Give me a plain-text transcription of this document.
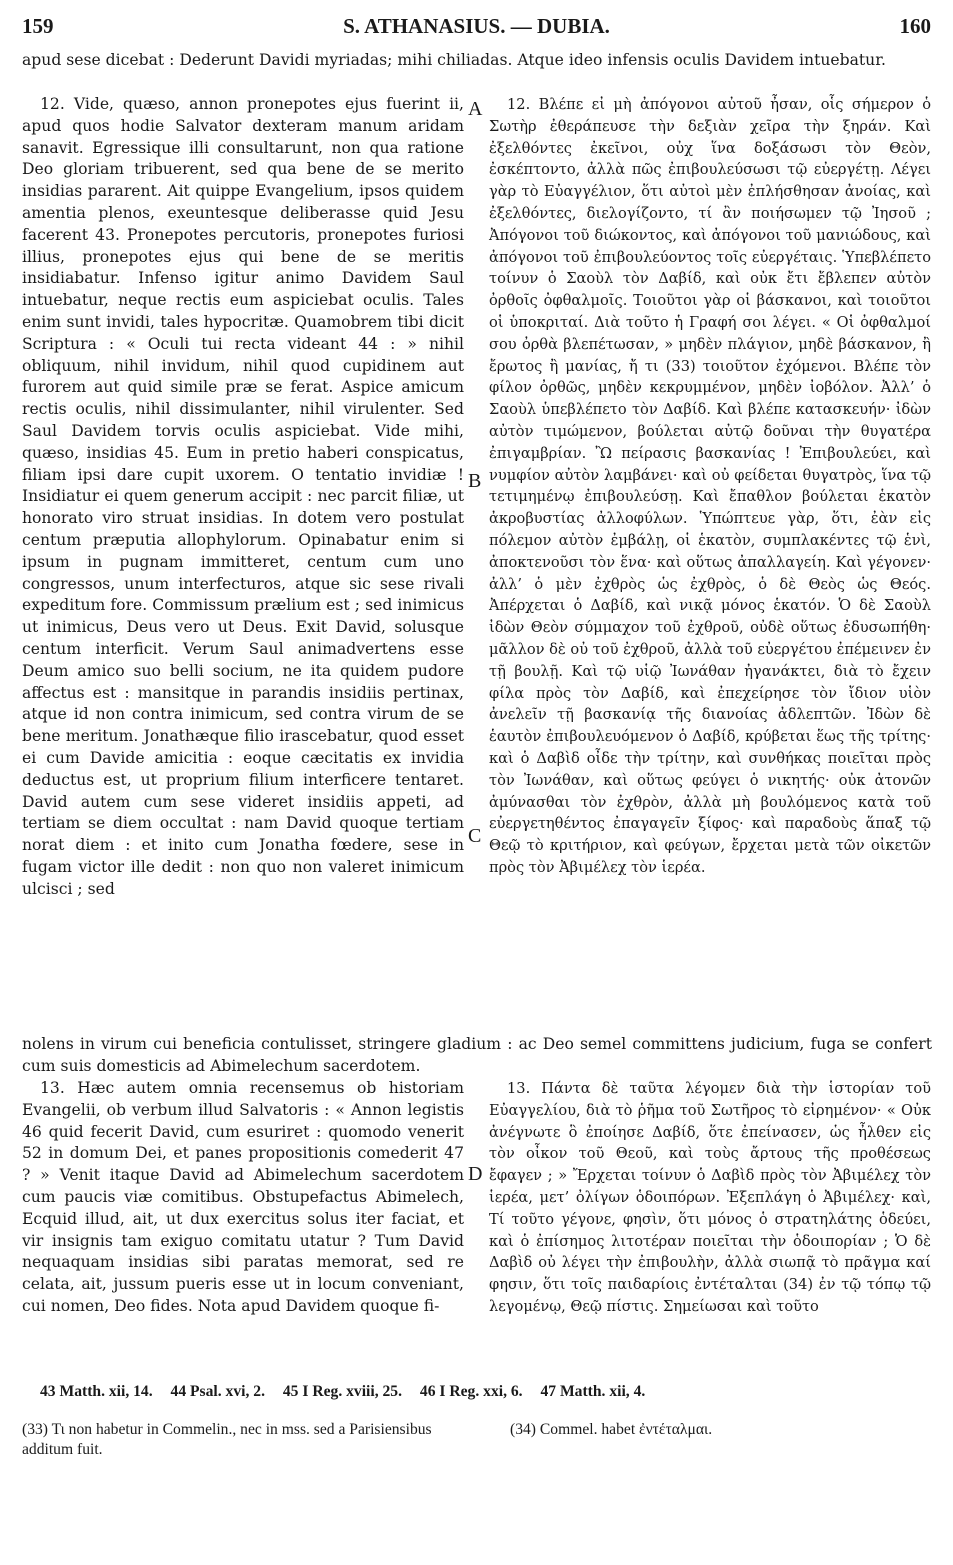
159	S. ATHANASIUS. — DUBIA.	160
apud sese dicebat : Dederunt Davidi myriadas; mihi chiliadas. Atque ideo infensis oculis Davidem intuebatur.
12. Vide, quæso, annon pronepotes ejus fuerint ii, apud quos hodie Salvator dexteram manum aridam sanavit. Egressique illi consultarunt, non qua ratione Deo gloriam tribuerent, sed qua bene de se merito insidias pararent. Ait quippe Evangelium, ipsos quidem amentia plenos, exeuntesque deliberasse quid Jesu facerent 43. Pronepotes percutoris, pronepotes furiosi illius, pronepotes ejus qui bene de se meritis insidiabatur. Infenso igitur animo Davidem Saul intuebatur, neque rectis eum aspiciebat oculis. Tales enim sunt invidi, tales hypocritæ. Quamobrem tibi dicit Scriptura : « Oculi tui recta videant 44 : » nihil obliquum, nihil invidum, nihil quod cupidinem aut furorem aut quid simile præ se ferat. Aspice amicum rectis oculis, nihil dissimulanter, nihil virulenter. Sed Saul Davidem torvis oculis aspiciebat. Vide mihi, quæso, insidias 45. Eum in pretio haberi conspicatus, filiam ipsi dare cupit uxorem. O tentatio invidiæ ! Insidiatur ei quem generum accipit : nec parcit filiæ, ut honorato viro struat insidias. In dotem vero postulat centum præputia allophylorum. Opinabatur enim si ipsum in pugnam immitteret, centum cum uno congressos, unum interfecturos, atque sic sese rivali expeditum fore. Commissum prælium est ; sed inimicus ut inimicus, Deus vero ut Deus. Exit David, solusque centum interficit. Verum Saul animadvertens esse Deum amico suo belli socium, ne ita quidem pudore affectus est : mansitque in parandis insidiis pertinax, atque id non contra inimicum, sed contra virum de se bene meritum. Jonathæque filio irascebatur, quod esset ei cum Davide amicitia : eoque cæcitatis ex invidia deductus est, ut proprium filium interficere tentaret. David autem cum sese videret insidiis appeti, ad tertiam se diem occultat : nam David quoque tertiam norat diem : et inito cum Jonatha fœdere, sese in fugam victor ille dedit : non quo non valeret inimicum ulcisci ; sed
12. Βλέπε εἰ μὴ ἀπόγονοι αὐτοῦ ἦσαν, οἷς σήμερον ὁ Σωτὴρ ἐθεράπευσε τὴν δεξιὰν χεῖρα τὴν ξηράν. Καὶ ἐξελθόντες ἐκεῖνοι, οὐχ ἵνα δοξάσωσι τὸν Θεὸν, ἐσκέπτοντο, ἀλλὰ πῶς ἐπιβουλεύσωσι τῷ εὐεργέτῃ. Λέγει γὰρ τὸ Εὐαγγέλιον, ὅτι αὐτοὶ μὲν ἐπλήσθησαν ἀνοίας, καὶ ἐξελθόντες, διελογίζοντο, τί ἂν ποιήσωμεν τῷ Ἰησοῦ ; Ἀπόγονοι τοῦ διώκοντος, καὶ ἀπόγονοι τοῦ μανιώδους, καὶ ἀπόγονοι τοῦ ἐπιβουλεύοντος τοῖς εὐεργέταις. Ὑπεβλέπετο τοίνυν ὁ Σαοὺλ τὸν Δαβίδ, καὶ οὐκ ἔτι ἔβλεπεν αὐτὸν ὀρθοῖς ὀφθαλμοῖς. Τοιοῦτοι γὰρ οἱ βάσκανοι, καὶ τοιοῦτοι οἱ ὑποκριταί. Διὰ τοῦτο ἡ Γραφή σοι λέγει. « Οἱ ὀφθαλμοί σου ὀρθὰ βλεπέτωσαν, » μηδὲν πλάγιον, μηδὲ βάσκανον, ἢ ἔρωτος ἢ μανίας, ἤ τι (33) τοιοῦτον ἐχόμενοι. Βλέπε τὸν φίλον ὀρθῶς, μηδὲν κεκρυμμένον, μηδὲν ἰοβόλον. Ἀλλ’ ὁ Σαοὺλ ὑπεβλέπετο τὸν Δαβίδ. Καὶ βλέπε κατασκευήν· ἰδὼν αὐτὸν τιμώμενον, βούλεται αὐτῷ δοῦναι τὴν θυγατέρα ἐπιγαμβρίαν. Ὢ πείρασις βασκανίας ! Ἐπιβουλεύει, καὶ νυμφίον αὐτὸν λαμβάνει· καὶ οὐ φείδεται θυγατρὸς, ἵνα τῷ τετιμημένῳ ἐπιβουλεύσῃ. Καὶ ἔπαθλον βούλεται ἑκατὸν ἀκροβυστίας ἀλλοφύλων. Ὑπώπτευε γὰρ, ὅτι, ἐὰν εἰς πόλεμον αὐτὸν ἐμβάλῃ, οἱ ἑκατὸν, συμπλακέντες τῷ ἑνὶ, ἀποκτενοῦσι τὸν ἕνα· καὶ οὕτως ἀπαλλαγείη. Καὶ γέγονεν· ἀλλ’ ὁ μὲν ἐχθρὸς ὡς ἐχθρὸς, ὁ δὲ Θεὸς ὡς Θεός. Ἀπέρχεται ὁ Δαβίδ, καὶ νικᾷ μόνος ἑκατόν. Ὁ δὲ Σαοὺλ ἰδὼν Θεὸν σύμμαχον τοῦ ἐχθροῦ, οὐδὲ οὕτως ἐδυσωπήθη· μᾶλλον δὲ οὐ τοῦ ἐχθροῦ, ἀλλὰ τοῦ εὐεργέτου ἐπέμεινεν ἐν τῇ βουλῇ. Καὶ τῷ υἱῷ Ἰωνάθαν ἠγανάκτει, διὰ τὸ ἔχειν φίλα πρὸς τὸν Δαβίδ, καὶ ἐπεχείρησε τὸν ἴδιον υἱὸν ἀνελεῖν τῇ βασκανίᾳ τῆς διανοίας ἀδλεπτῶν. Ἰδὼν δὲ ἑαυτὸν ἐπιβουλευόμενον ὁ Δαβίδ, κρύβεται ἕως τῆς τρίτης· καὶ ὁ Δαβὶδ οἶδε τὴν τρίτην, καὶ συνθήκας ποιεῖται πρὸς τὸν Ἰωνάθαν, καὶ οὕτως φεύγει ὁ νικητής· οὐκ ἀτονῶν ἀμύνασθαι τὸν ἐχθρὸν, ἀλλὰ μὴ βουλόμενος κατὰ τοῦ εὐεργετηθέντος ἐπαγαγεῖν ξίφος· καὶ παραδοὺς ἅπαξ τῷ Θεῷ τὸ κριτήριον, καὶ φεύγων, ἔρχεται μετὰ τῶν οἰκετῶν πρὸς τὸν Ἀβιμέλεχ τὸν ἱερέα.
A
B
C
D
nolens in virum cui beneficia contulisset, stringere gladium : ac Deo semel committens judicium, fuga se confert cum suis domesticis ad Abimelechum sacerdotem.
13. Hæc autem omnia recensemus ob historiam Evangelii, ob verbum illud Salvatoris : « Annon legistis 46 quid fecerit David, cum esuriret : quomodo venerit 52 in domum Dei, et panes propositionis comederit 47 ? » Venit itaque David ad Abimelechum sacerdotem cum paucis viæ comitibus. Obstupefactus Abimelech, Ecquid illud, ait, ut dux exercitus solus iter faciat, et vir insignis tam exiguo comitatu utatur ? Tum David nequaquam insidias sibi paratas memorat, sed re celata, ait, jussum pueris esse ut in locum conveniant, cui nomen, Deo fides. Nota apud Davidem quoque fi-
13. Πάντα δὲ ταῦτα λέγομεν διὰ τὴν ἱστορίαν τοῦ Εὐαγγελίου, διὰ τὸ ῥῆμα τοῦ Σωτῆρος τὸ εἰρημένον· « Οὐκ ἀνέγνωτε ὃ ἐποίησε Δαβίδ, ὅτε ἐπείνασεν, ὡς ἦλθεν εἰς τὸν οἶκον τοῦ Θεοῦ, καὶ τοὺς ἄρτους τῆς προθέσεως ἔφαγεν ; » Ἔρχεται τοίνυν ὁ Δαβὶδ πρὸς τὸν Ἀβιμέλεχ τὸν ἱερέα, μετ’ ὀλίγων ὁδοιπόρων. Ἐξεπλάγη ὁ Ἀβιμέλεχ· καὶ, Τί τοῦτο γέγονε, φησὶν, ὅτι μόνος ὁ στρατηλάτης ὁδεύει, καὶ ὁ ἐπίσημος λιτοτέραν ποιεῖται τὴν ὁδοιπορίαν ; Ὁ δὲ Δαβὶδ οὐ λέγει τὴν ἐπιβουλὴν, ἀλλὰ σιωπᾷ τὸ πρᾶγμα καί φησιν, ὅτι τοῖς παιδαρίοις ἐντέταλται (34) ἐν τῷ τόπῳ τῷ λεγομένῳ, Θεῷ πίστις. Σημείωσαι καὶ τοῦτο
43 Matth. xii, 14. 44 Psal. xvi, 2. 45 I Reg. xviii, 25. 46 I Reg. xxi, 6. 47 Matth. xii, 4.
(33) Τι non habetur in Commelin., nec in mss. sed a Parisiensibus additum fuit.
(34) Commel. habet ἐντέταλμαι.
